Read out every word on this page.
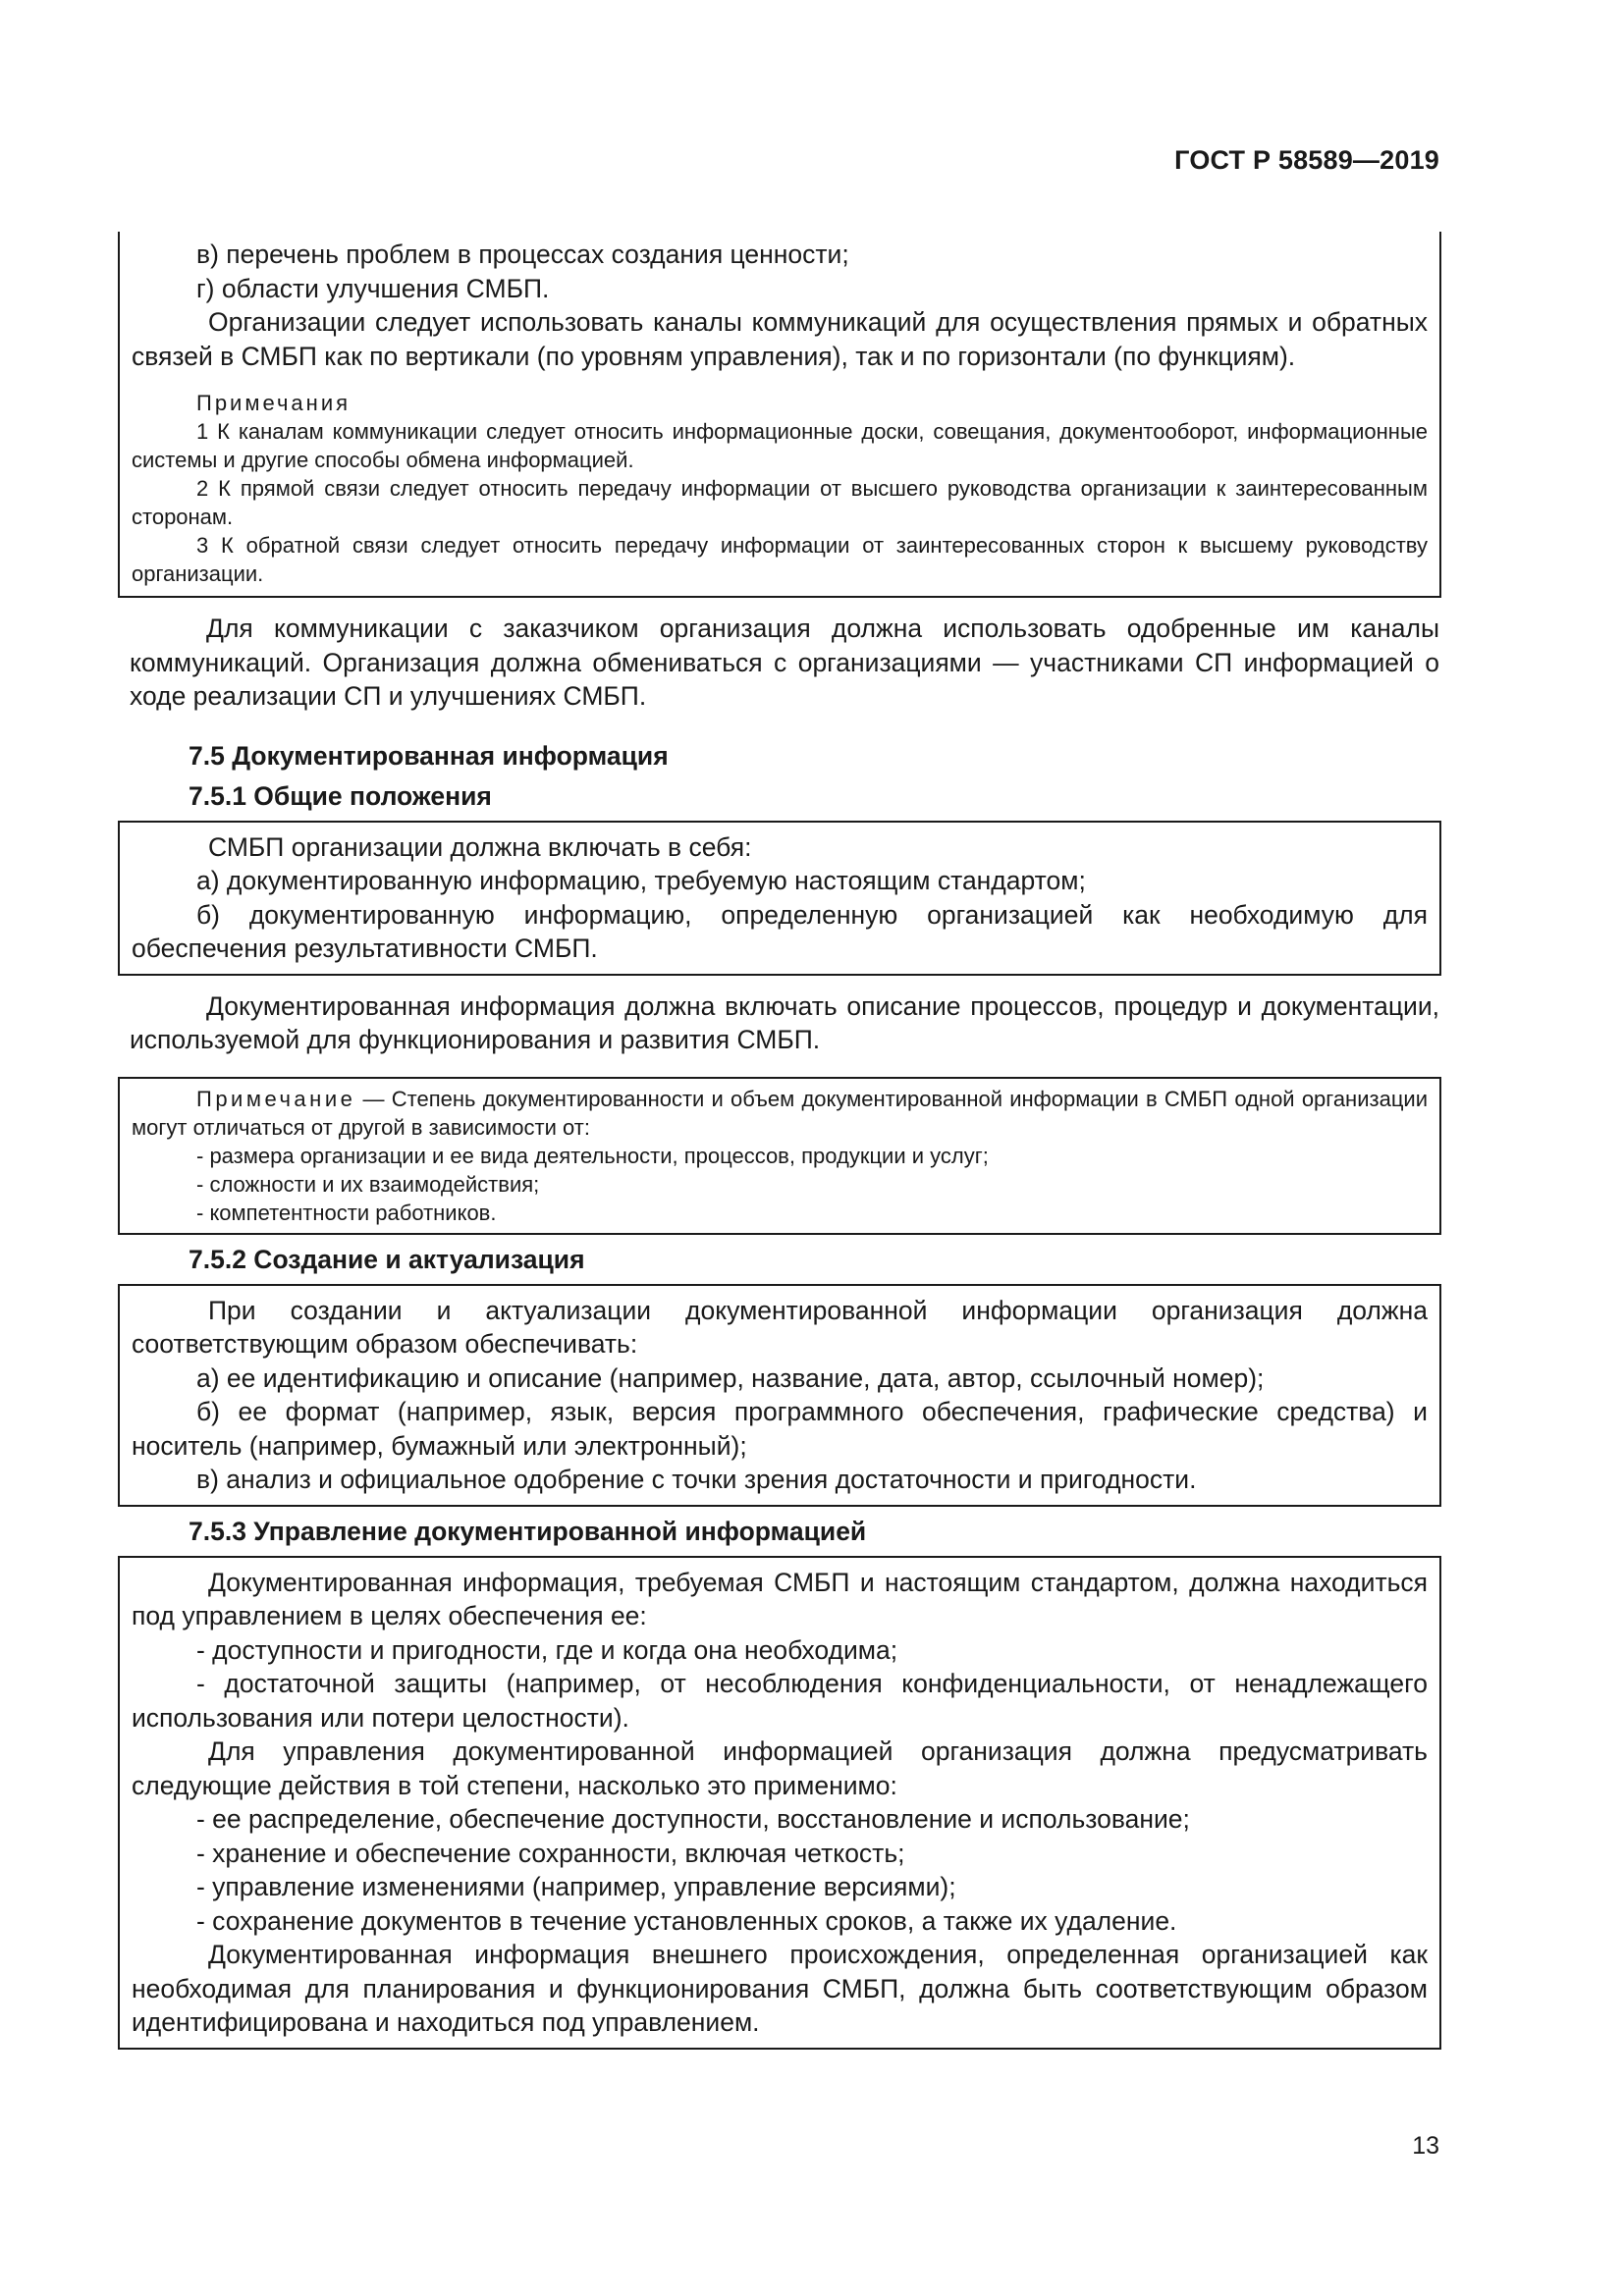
ГОСТ Р 58589—2019

в) перечень проблем в процессах создания ценности;

г) области улучшения СМБП.

Организации следует использовать каналы коммуникаций для осуществления прямых и обратных связей в СМБП как по вертикали (по уровням управления), так и по горизонтали (по функциям).

Примечания

1 К каналам коммуникации следует относить информационные доски, совещания, документооборот, информационные системы и другие способы обмена информацией.

2 К прямой связи следует относить передачу информации от высшего руководства организации к заинтересованным сторонам.

3 К обратной связи следует относить передачу информации от заинтересованных сторон к высшему руководству организации.

Для коммуникации с заказчиком организация должна использовать одобренные им каналы коммуникаций. Организация должна обмениваться с организациями — участниками СП информацией о ходе реализации СП и улучшениях СМБП.

7.5 Документированная информация
7.5.1 Общие положения

СМБП организации должна включать в себя:

а) документированную информацию, требуемую настоящим стандартом;

б) документированную информацию, определенную организацией как необходимую для обеспечения результативности СМБП.

Документированная информация должна включать описание процессов, процедур и документации, используемой для функционирования и развития СМБП.

Примечание — Степень документированности и объем документированной информации в СМБП одной организации могут отличаться от другой в зависимости от:

- размера организации и ее вида деятельности, процессов, продукции и услуг;

- сложности и их взаимодействия;

- компетентности работников.

7.5.2 Создание и актуализация

При создании и актуализации документированной информации организация должна соответствующим образом обеспечивать:

а) ее идентификацию и описание (например, название, дата, автор, ссылочный номер);

б) ее формат (например, язык, версия программного обеспечения, графические средства) и носитель (например, бумажный или электронный);

в) анализ и официальное одобрение с точки зрения достаточности и пригодности.

7.5.3 Управление документированной информацией

Документированная информация, требуемая СМБП и настоящим стандартом, должна находиться под управлением в целях обеспечения ее:

- доступности и пригодности, где и когда она необходима;

- достаточной защиты (например, от несоблюдения конфиденциальности, от ненадлежащего использования или потери целостности).

Для управления документированной информацией организация должна предусматривать следующие действия в той степени, насколько это применимо:

- ее распределение, обеспечение доступности, восстановление и использование;

- хранение и обеспечение сохранности, включая четкость;

- управление изменениями (например, управление версиями);

- сохранение документов в течение установленных сроков, а также их удаление.

Документированная информация внешнего происхождения, определенная организацией как необходимая для планирования и функционирования СМБП, должна быть соответствующим образом идентифицирована и находиться под управлением.

13
